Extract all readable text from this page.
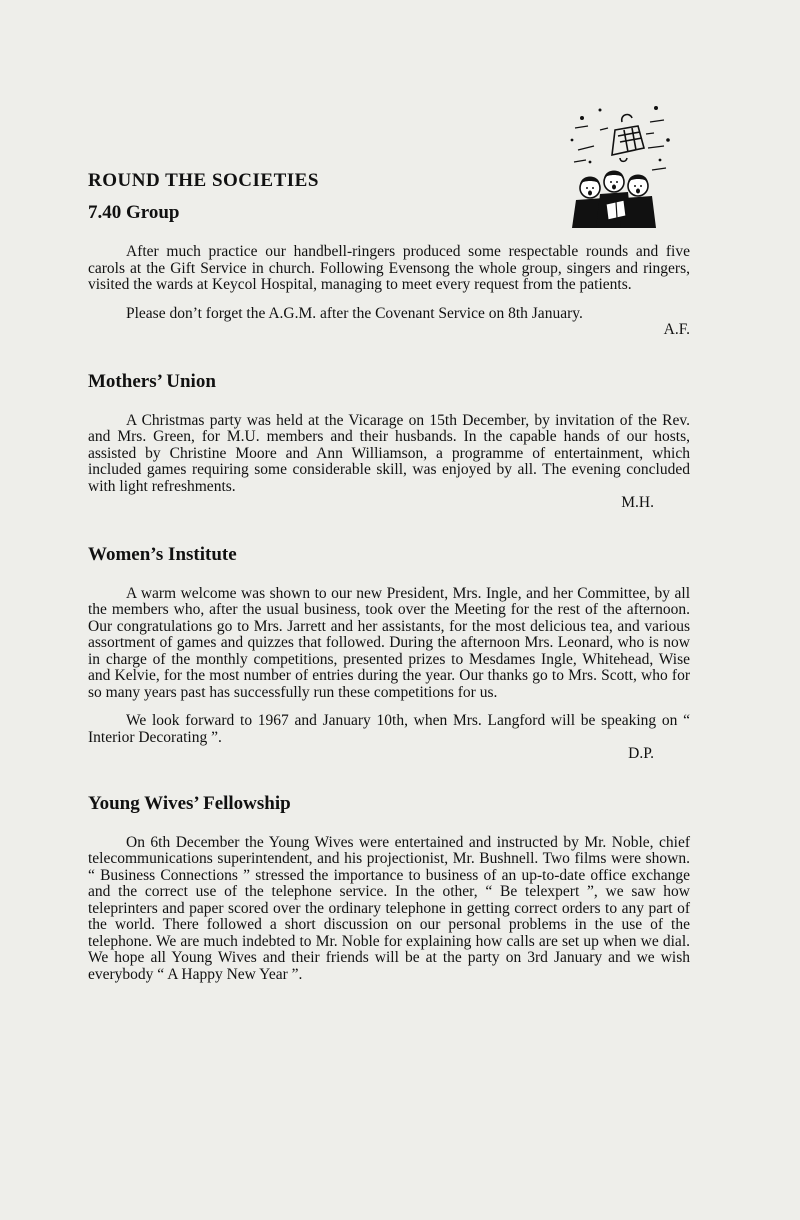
ROUND THE SOCIETIES
7.40 Group

After much practice our handbell-ringers produced some respectable rounds and five carols at the Gift Service in church. Following Evensong the whole group, singers and ringers, visited the wards at Keycol Hospital, managing to meet every request from the patients.

Please don’t forget the A.G.M. after the Covenant Service on 8th January.

A.F.
Mothers’ Union

A Christmas party was held at the Vicarage on 15th December, by invitation of the Rev. and Mrs. Green, for M.U. members and their husbands. In the capable hands of our hosts, assisted by Christine Moore and Ann Williamson, a programme of entertainment, which included games requiring some considerable skill, was enjoyed by all. The evening concluded with light refreshments.

M.H.
Women’s Institute

A warm welcome was shown to our new President, Mrs. Ingle, and her Committee, by all the members who, after the usual business, took over the Meeting for the rest of the afternoon. Our congratulations go to Mrs. Jarrett and her assistants, for the most delicious tea, and various assortment of games and quizzes that followed. During the afternoon Mrs. Leonard, who is now in charge of the monthly competitions, presented prizes to Mesdames Ingle, Whitehead, Wise and Kelvie, for the most number of entries during the year. Our thanks go to Mrs. Scott, who for so many years past has successfully run these competitions for us.

We look forward to 1967 and January 10th, when Mrs. Langford will be speaking on “ Interior Decorating ”.

D.P.
Young Wives’ Fellowship

On 6th December the Young Wives were entertained and instructed by Mr. Noble, chief telecommunications superintendent, and his projectionist, Mr. Bushnell. Two films were shown. “ Business Connections ” stressed the importance to business of an up-to-date office exchange and the correct use of the telephone service. In the other, “ Be telexpert ”, we saw how teleprinters and paper scored over the ordinary telephone in getting correct orders to any part of the world. There followed a short discussion on our personal problems in the use of the telephone. We are much indebted to Mr. Noble for explaining how calls are set up when we dial. We hope all Young Wives and their friends will be at the party on 3rd January and we wish everybody “ A Happy New Year ”.
